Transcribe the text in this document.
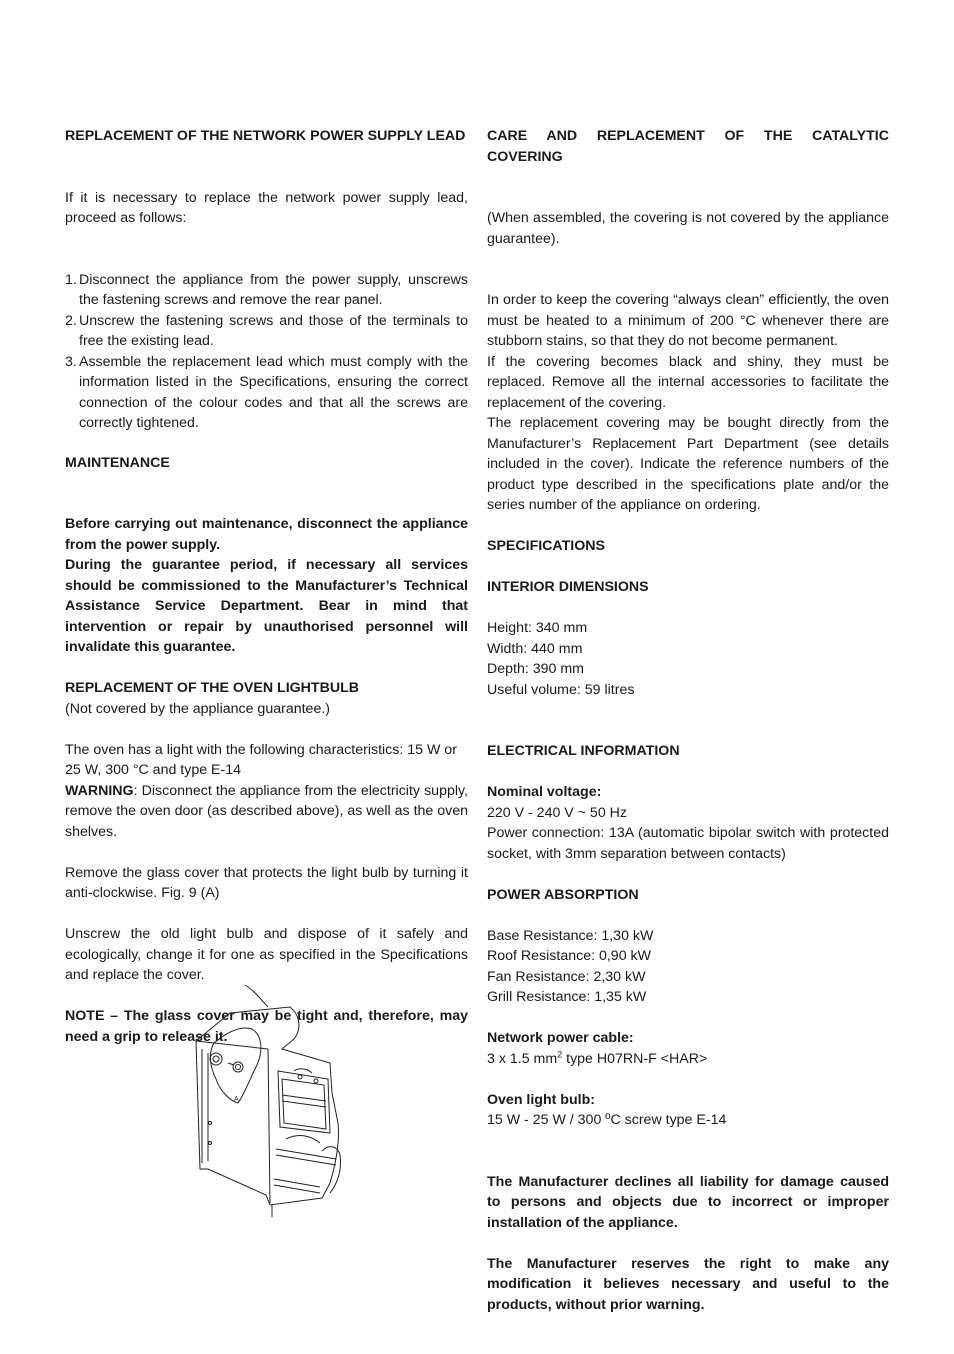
REPLACEMENT OF THE NETWORK POWER SUPPLY LEAD

If it is necessary to replace the network power supply lead, proceed as follows:

1. Disconnect the appliance from the power supply, unscrews the fastening screws and remove the rear panel.
2. Unscrew the fastening screws and those of the terminals to free the existing lead.
3. Assemble the replacement lead which must comply with the information listed in the Specifications, ensuring the correct connection of the colour codes and that all the screws are correctly tightened.

MAINTENANCE

Before carrying out maintenance, disconnect the appliance from the power supply.

During the guarantee period, if necessary all services should be commissioned to the Manufacturer’s Technical Assistance Service Department. Bear in mind that intervention or repair by unauthorised personnel will invalidate this guarantee.

REPLACEMENT OF THE OVEN LIGHTBULB

(Not covered by the appliance guarantee.)

The oven has a light with the following characteristics: 15 W or 25 W, 300 °C and type E-14

WARNING: Disconnect the appliance from the electricity supply, remove the oven door (as described above), as well as the oven shelves.

Remove the glass cover that protects the light bulb by turning it anti-clockwise. Fig. 9 (A)

Unscrew the old light bulb and dispose of it safely and ecologically, change it for one as specified in the Specifications and replace the cover.

NOTE – The glass cover may be tight and, therefore, may need a grip to release it.

A

CARE AND REPLACEMENT OF THE CATALYTIC COVERING

(When assembled, the covering is not covered by the appliance guarantee).

In order to keep the covering “always clean” efficiently, the oven must be heated to a minimum of 200 °C whenever there are stubborn stains, so that they do not become permanent.

If the covering becomes black and shiny, they must be replaced. Remove all the internal accessories to facilitate the replacement of the covering.

The replacement covering may be bought directly from the Manufacturer’s Replacement Part Department (see details included in the cover). Indicate the reference numbers of the product type described in the specifications plate and/or the series number of the appliance on ordering.

SPECIFICATIONS

INTERIOR DIMENSIONS

Height: 340 mm

Width: 440 mm

Depth: 390 mm

Useful volume: 59 litres

ELECTRICAL INFORMATION

Nominal voltage:

220 V - 240 V ~ 50 Hz

Power connection: 13A (automatic bipolar switch with protected socket, with 3mm separation between contacts)

POWER ABSORPTION

Base Resistance: 1,30 kW

Roof Resistance: 0,90 kW

Fan Resistance: 2,30 kW

Grill Resistance: 1,35 kW

Network power cable:

3 x 1.5 $mm^2$ type H07RN-F <HAR>

Oven light bulb:

15 W - 25 W / 300 ºC screw type E-14

The Manufacturer declines all liability for damage caused to persons and objects due to incorrect or improper installation of the appliance.

The Manufacturer reserves the right to make any modification it believes necessary and useful to the products, without prior warning.
